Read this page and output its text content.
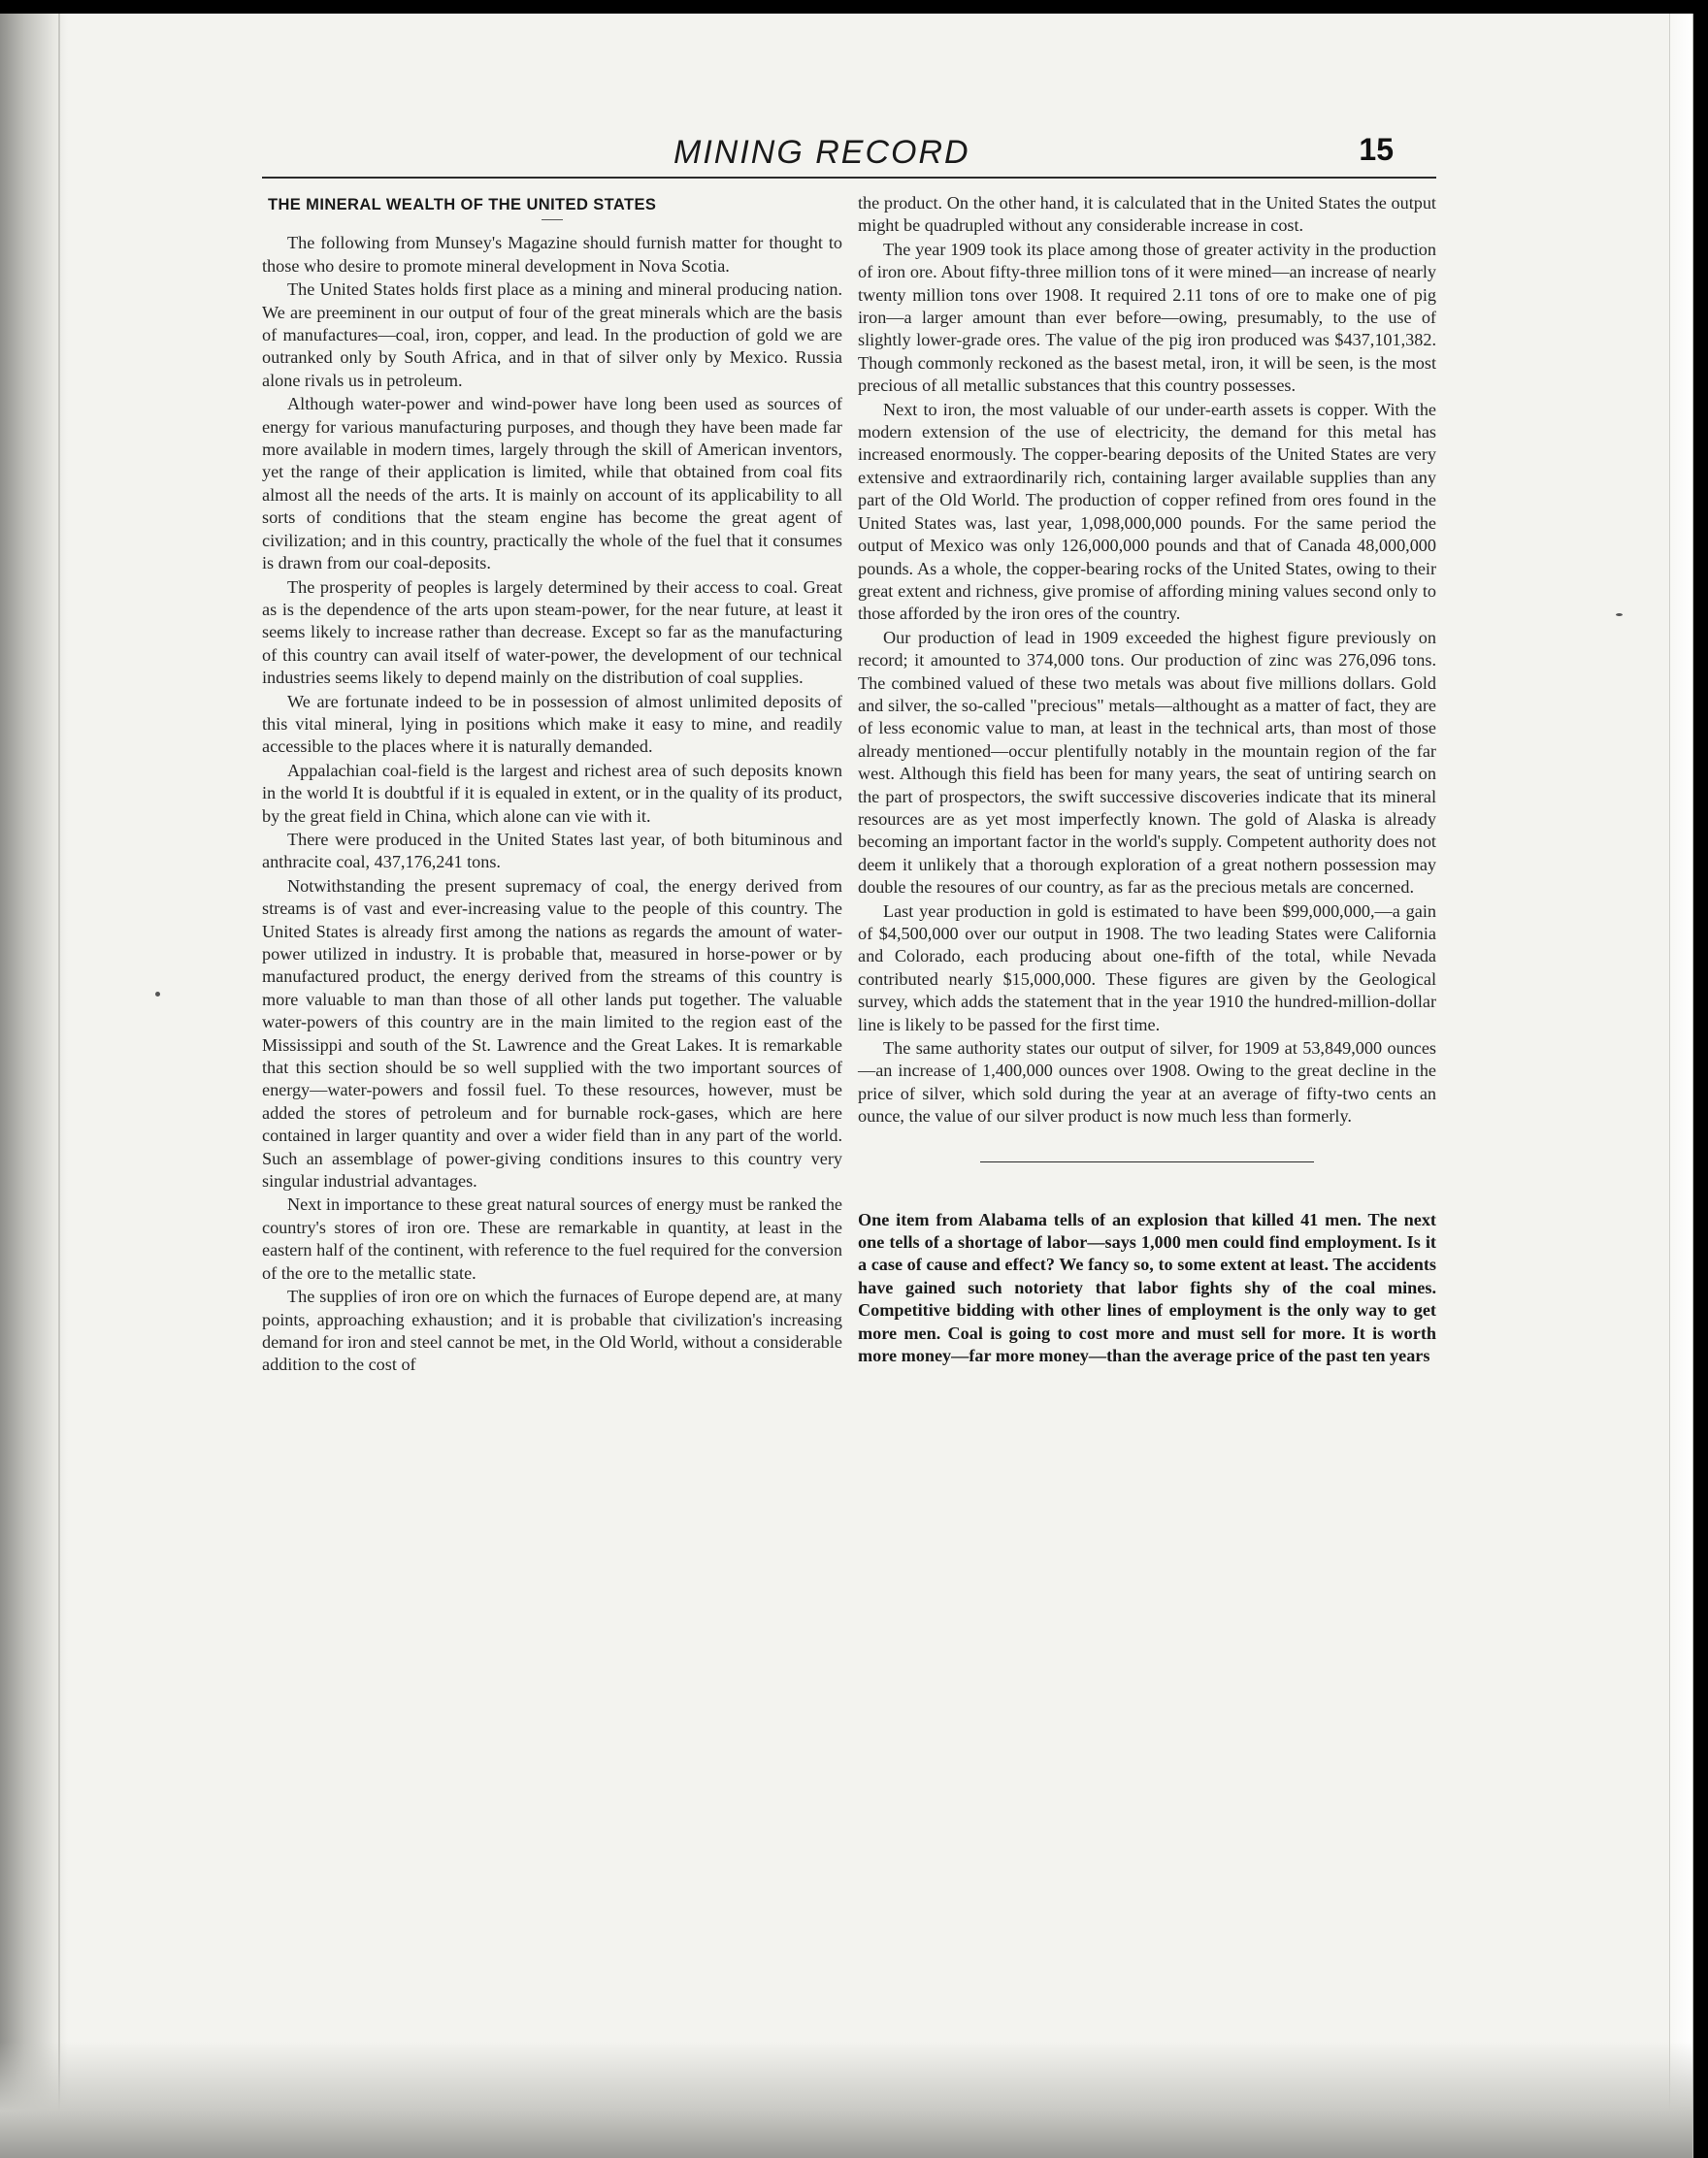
MINING RECORD	15
THE MINERAL WEALTH OF THE UNITED STATES

The following from Munsey's Magazine should furnish matter for thought to those who desire to promote mineral development in Nova Scotia.

The United States holds first place as a mining and mineral producing nation. We are preeminent in our output of four of the great minerals which are the basis of manufactures—coal, iron, copper, and lead. In the production of gold we are outranked only by South Africa, and in that of silver only by Mexico. Russia alone rivals us in petroleum.

Although water-power and wind-power have long been used as sources of energy for various manufacturing purposes, and though they have been made far more available in modern times, largely through the skill of American inventors, yet the range of their application is limited, while that obtained from coal fits almost all the needs of the arts. It is mainly on account of its applicability to all sorts of conditions that the steam engine has become the great agent of civilization; and in this country, practically the whole of the fuel that it consumes is drawn from our coal-deposits.

The prosperity of peoples is largely determined by their access to coal. Great as is the dependence of the arts upon steam-power, for the near future, at least it seems likely to increase rather than decrease. Except so far as the manufacturing of this country can avail itself of water-power, the development of our technical industries seems likely to depend mainly on the distribution of coal supplies.

We are fortunate indeed to be in possession of almost unlimited deposits of this vital mineral, lying in positions which make it easy to mine, and readily accessible to the places where it is naturally demanded.

Appalachian coal-field is the largest and richest area of such deposits known in the world It is doubtful if it is equaled in extent, or in the quality of its product, by the great field in China, which alone can vie with it.

There were produced in the United States last year, of both bituminous and anthracite coal, 437,176,241 tons.

Notwithstanding the present supremacy of coal, the energy derived from streams is of vast and ever-increasing value to the people of this country. The United States is already first among the nations as regards the amount of water-power utilized in industry. It is probable that, measured in horse-power or by manufactured product, the energy derived from the streams of this country is more valuable to man than those of all other lands put together. The valuable water-powers of this country are in the main limited to the region east of the Mississippi and south of the St. Lawrence and the Great Lakes. It is remarkable that this section should be so well supplied with the two important sources of energy—water-powers and fossil fuel. To these resources, however, must be added the stores of petroleum and for burnable rock-gases, which are here contained in larger quantity and over a wider field than in any part of the world. Such an assemblage of power-giving conditions insures to this country very singular industrial advantages.

Next in importance to these great natural sources of energy must be ranked the country's stores of iron ore. These are remarkable in quantity, at least in the eastern half of the continent, with reference to the fuel required for the conversion of the ore to the metallic state.

The supplies of iron ore on which the furnaces of Europe depend are, at many points, approaching exhaustion; and it is probable that civilization's increasing demand for iron and steel cannot be met, in the Old World, without a considerable addition to the cost of

the product. On the other hand, it is calculated that in the United States the output might be quadrupled without any considerable increase in cost.

The year 1909 took its place among those of greater activity in the production of iron ore. About fifty-three million tons of it were mined—an increase of nearly twenty million tons over 1908. It required 2.11 tons of ore to make one of pig iron—a larger amount than ever before—owing, presumably, to the use of slightly lower-grade ores. The value of the pig iron produced was $437,101,382. Though commonly reckoned as the basest metal, iron, it will be seen, is the most precious of all metallic substances that this country possesses.

Next to iron, the most valuable of our under-earth assets is copper. With the modern extension of the use of electricity, the demand for this metal has increased enormously. The copper-bearing deposits of the United States are very extensive and extraordinarily rich, containing larger available supplies than any part of the Old World. The production of copper refined from ores found in the United States was, last year, 1,098,000,000 pounds. For the same period the output of Mexico was only 126,000,000 pounds and that of Canada 48,000,000 pounds. As a whole, the copper-bearing rocks of the United States, owing to their great extent and richness, give promise of affording mining values second only to those afforded by the iron ores of the country.

Our production of lead in 1909 exceeded the highest figure previously on record; it amounted to 374,000 tons. Our production of zinc was 276,096 tons. The combined valued of these two metals was about five millions dollars. Gold and silver, the so-called "precious" metals—althought as a matter of fact, they are of less economic value to man, at least in the technical arts, than most of those already mentioned—occur plentifully notably in the mountain region of the far west. Although this field has been for many years, the seat of untiring search on the part of prospectors, the swift successive discoveries indicate that its mineral resources are as yet most imperfectly known. The gold of Alaska is already becoming an important factor in the world's supply. Competent authority does not deem it unlikely that a thorough exploration of a great nothern possession may double the resoures of our country, as far as the precious metals are concerned.

Last year production in gold is estimated to have been $99,000,000,—a gain of $4,500,000 over our output in 1908. The two leading States were California and Colorado, each producing about one-fifth of the total, while Nevada contributed nearly $15,000,000. These figures are given by the Geological survey, which adds the statement that in the year 1910 the hundred-million-dollar line is likely to be passed for the first time.

The same authority states our output of silver, for 1909 at 53,849,000 ounces—an increase of 1,400,000 ounces over 1908. Owing to the great decline in the price of silver, which sold during the year at an average of fifty-two cents an ounce, the value of our silver product is now much less than formerly.

One item from Alabama tells of an explosion that killed 41 men. The next one tells of a shortage of labor—says 1,000 men could find employment. Is it a case of cause and effect? We fancy so, to some extent at least. The accidents have gained such notoriety that labor fights shy of the coal mines. Competitive bidding with other lines of employment is the only way to get more men. Coal is going to cost more and must sell for more. It is worth more money—far more money—than the average price of the past ten years
